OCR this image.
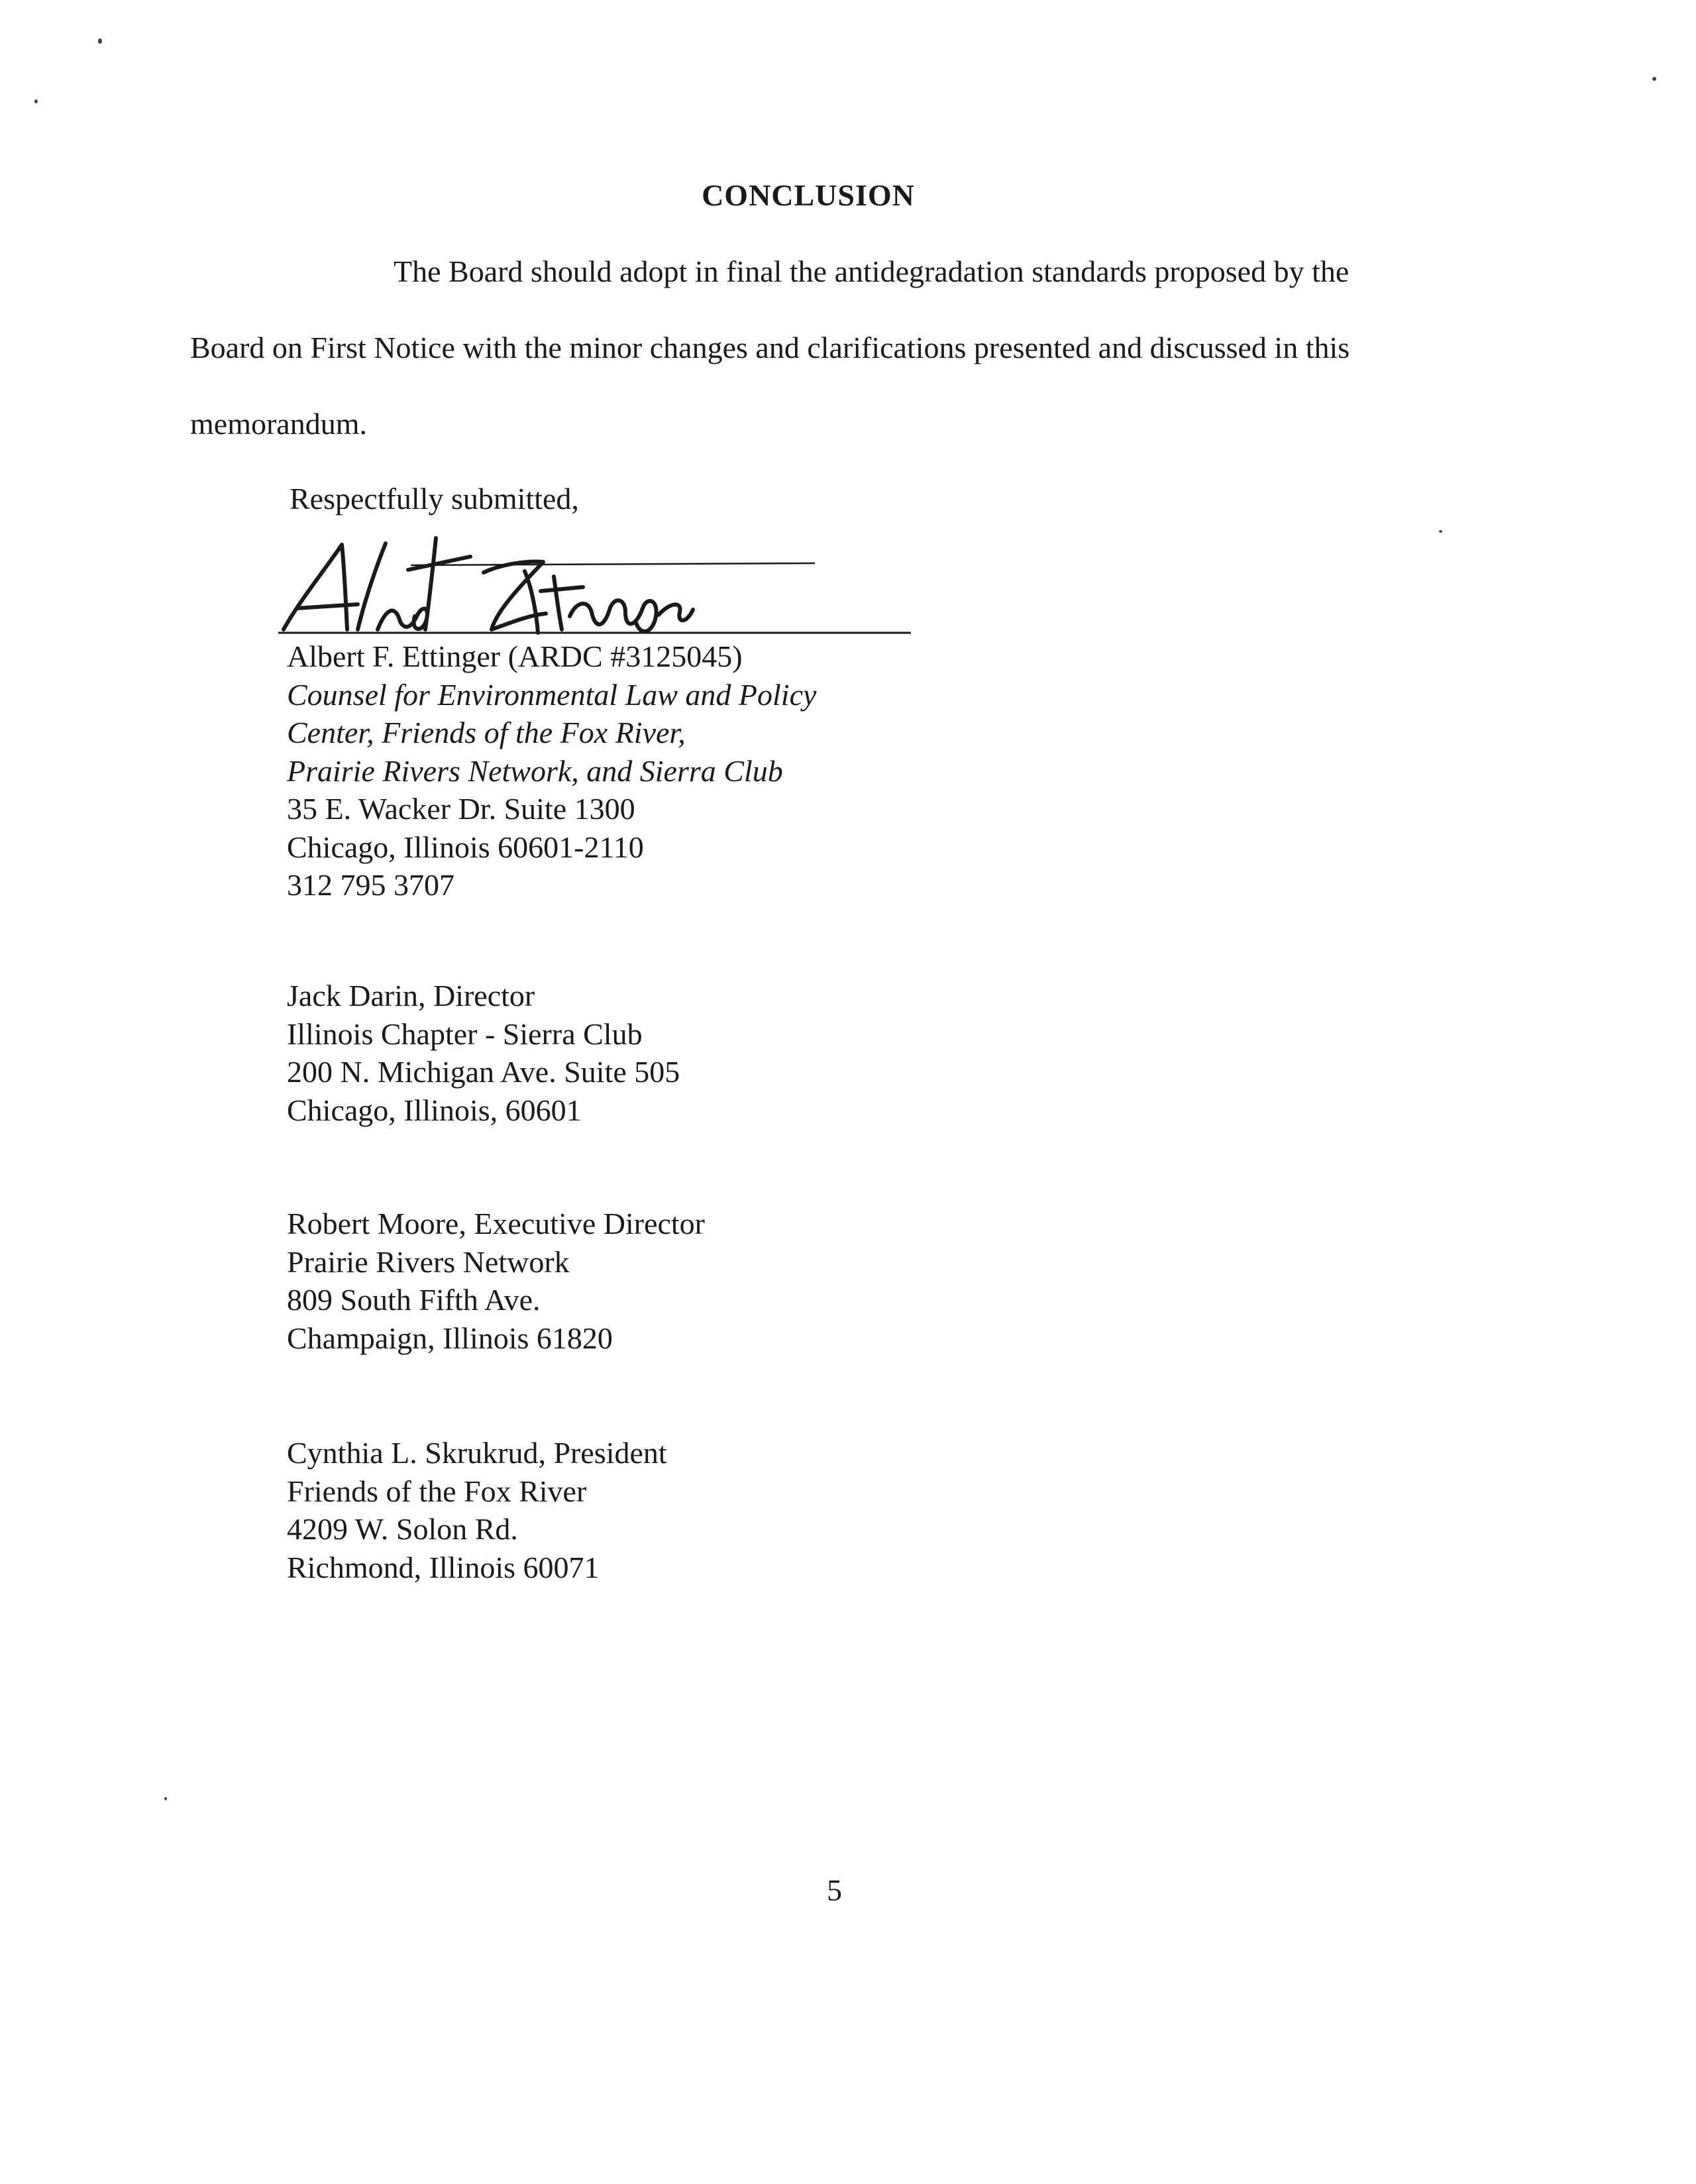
CONCLUSION
The Board should adopt in final the antidegradation standards proposed by the
Board on First Notice with the minor changes and clarifications presented and discussed in this
memorandum.
Respectfully submitted,
Albert F. Ettinger (ARDC #3125045)
Counsel for Environmental Law and Policy
Center, Friends of the Fox River,
Prairie Rivers Network, and Sierra Club
35 E. Wacker Dr. Suite 1300
Chicago, Illinois 60601-2110
312 795 3707
Jack Darin, Director
Illinois Chapter - Sierra Club
200 N. Michigan Ave. Suite 505
Chicago, Illinois, 60601
Robert Moore, Executive Director
Prairie Rivers Network
809 South Fifth Ave.
Champaign, Illinois 61820
Cynthia L. Skrukrud, President
Friends of the Fox River
4209 W. Solon Rd.
Richmond, Illinois 60071
5
